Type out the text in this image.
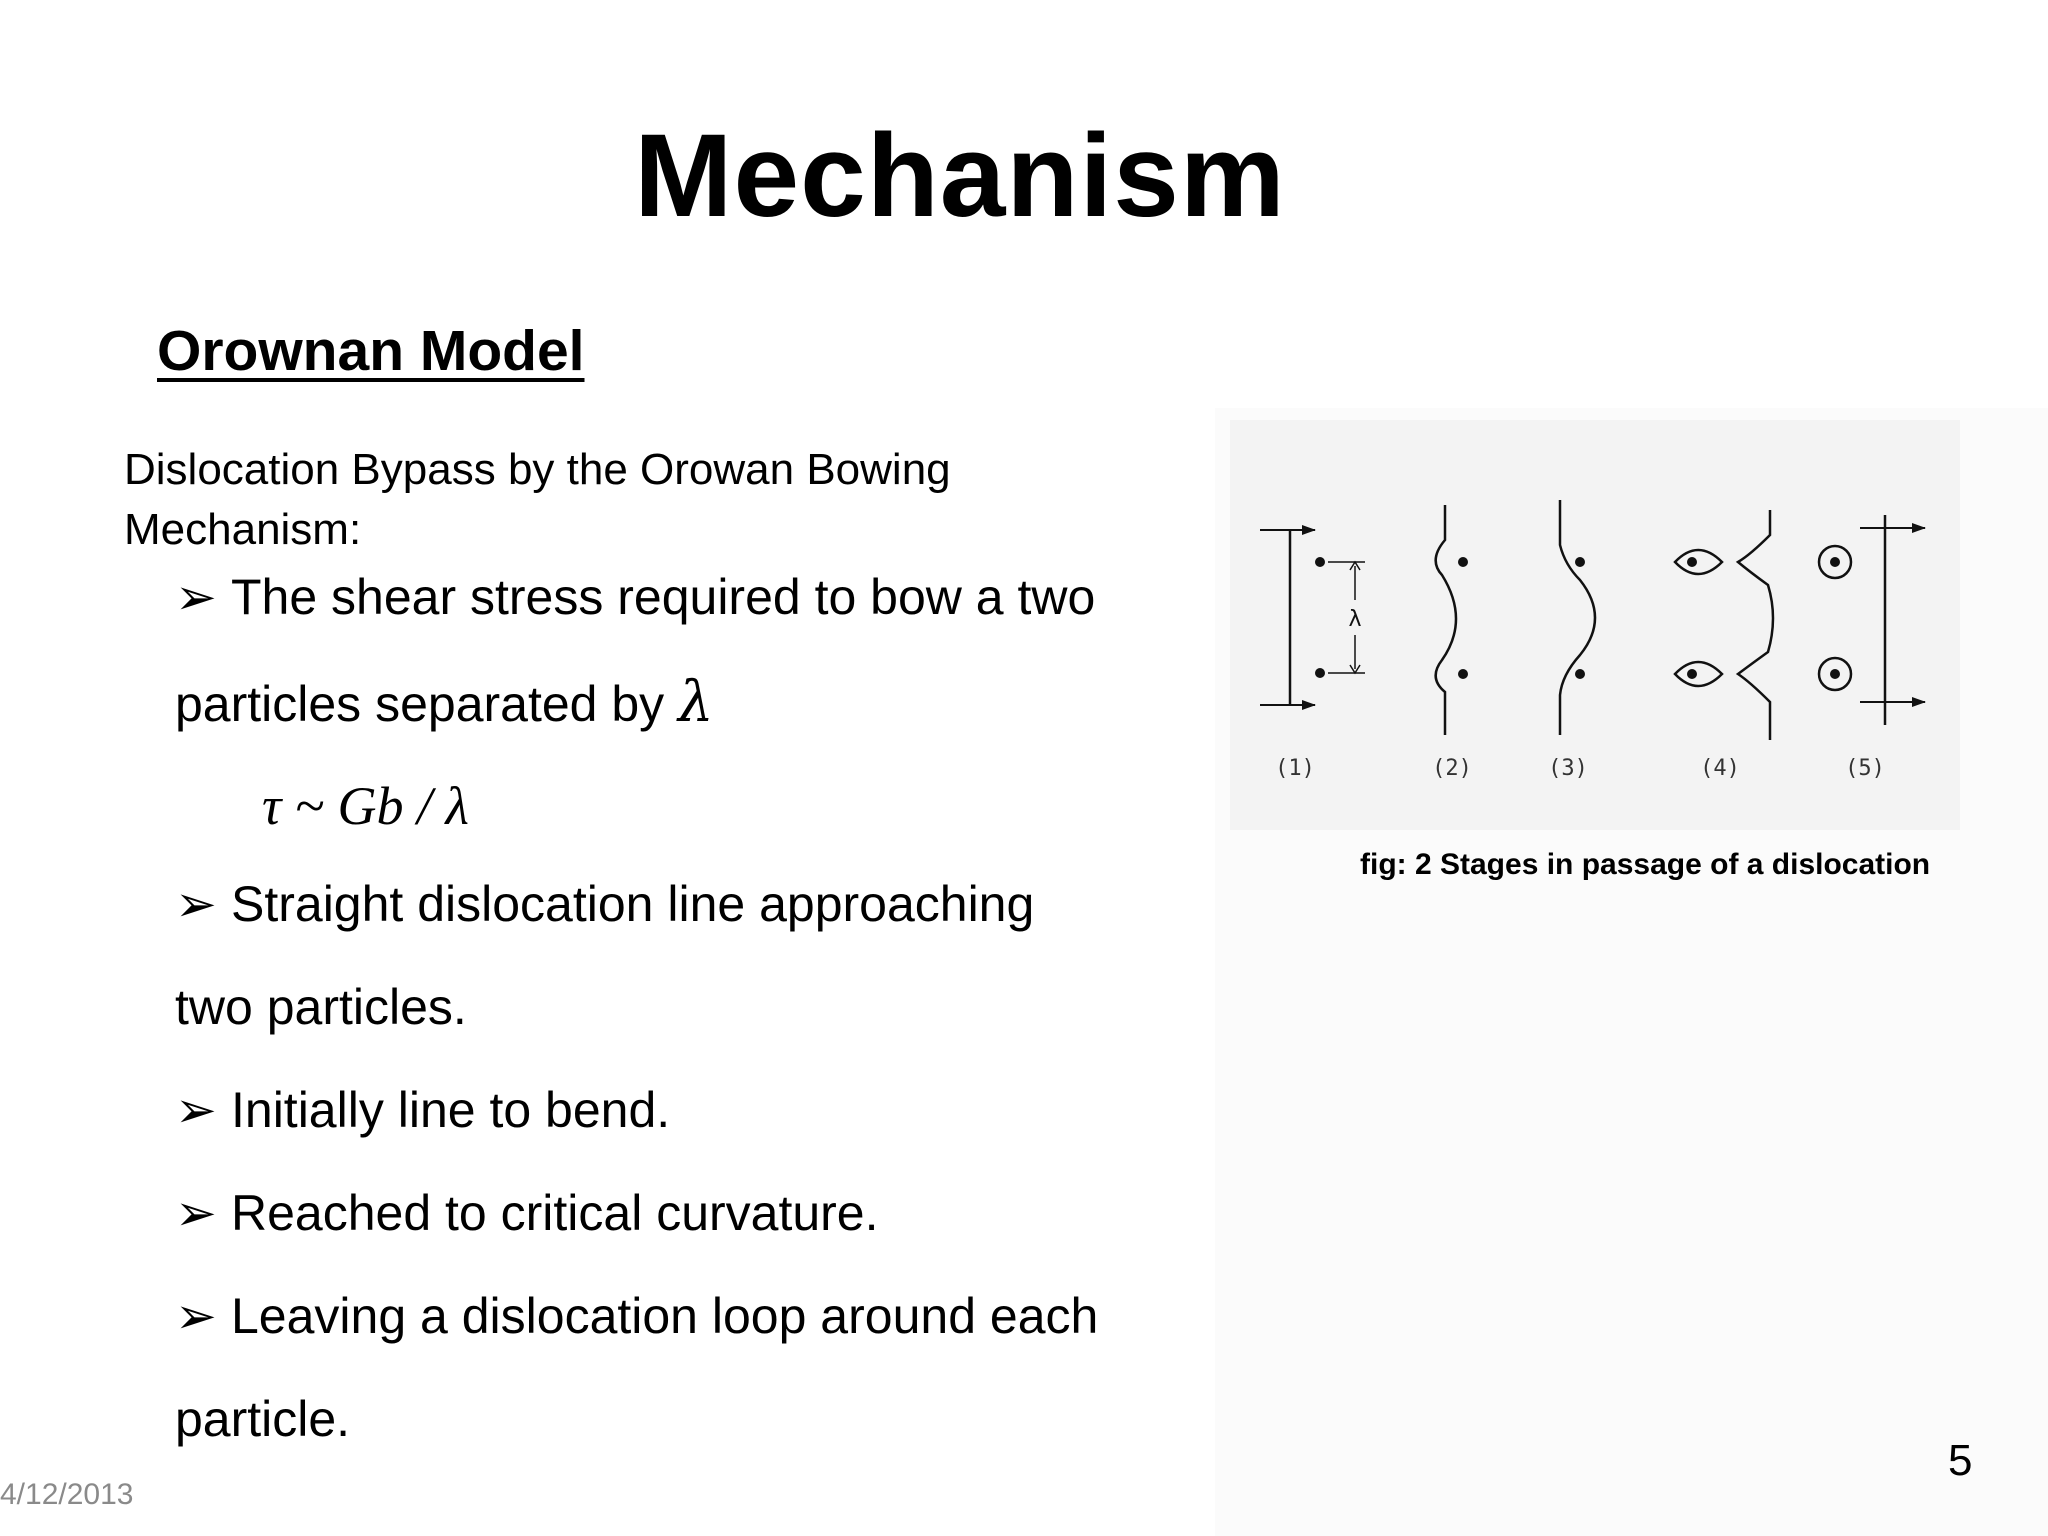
Mechanism
Orownan Model
Dislocation Bypass by the Orowan Bowing Mechanism:
➢ The shear stress required to bow a two
particles separated by λ
τ ~ Gb / λ
➢ Straight dislocation line approaching
two particles.
➢ Initially line to bend.
➢ Reached to critical curvature.
➢ Leaving a dislocation loop around each
particle.
λ
(1)	(2)	(3)	(4)	(5)
fig: 2 Stages in passage of a dislocation
4/12/2013
5
